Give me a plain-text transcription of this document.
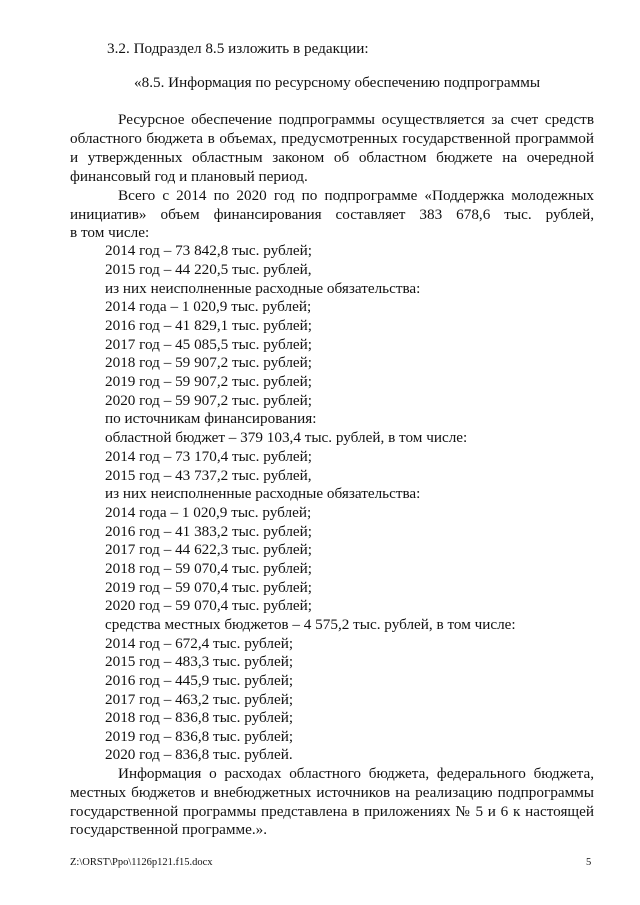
3.2. Подраздел 8.5 изложить в редакции:
«8.5. Информация по ресурсному обеспечению подпрограммы
Ресурсное обеспечение подпрограммы осуществляется за счет средств
областного бюджета в объемах, предусмотренных государственной программой
и утвержденных областным законом об областном бюджете на очередной
финансовый год и плановый период.
Всего с 2014 по 2020 год по подпрограмме «Поддержка молодежных
инициатив» объем финансирования составляет 383 678,6 тыс. рублей,
в том числе:
2014 год – 73 842,8 тыс. рублей;
2015 год – 44 220,5 тыс. рублей,
из них неисполненные расходные обязательства:
2014 года – 1 020,9 тыс. рублей;
2016 год – 41 829,1 тыс. рублей;
2017 год – 45 085,5 тыс. рублей;
2018 год – 59 907,2 тыс. рублей;
2019 год – 59 907,2 тыс. рублей;
2020 год – 59 907,2 тыс. рублей;
по источникам финансирования:
областной бюджет – 379 103,4 тыс. рублей, в том числе:
2014 год – 73 170,4 тыс. рублей;
2015 год – 43 737,2 тыс. рублей,
из них неисполненные расходные обязательства:
2014 года – 1 020,9 тыс. рублей;
2016 год – 41 383,2 тыс. рублей;
2017 год – 44 622,3 тыс. рублей;
2018 год – 59 070,4 тыс. рублей;
2019 год – 59 070,4 тыс. рублей;
2020 год – 59 070,4 тыс. рублей;
средства местных бюджетов – 4 575,2 тыс. рублей, в том числе:
2014 год – 672,4 тыс. рублей;
2015 год – 483,3 тыс. рублей;
2016 год – 445,9 тыс. рублей;
2017 год – 463,2 тыс. рублей;
2018 год – 836,8 тыс. рублей;
2019 год – 836,8 тыс. рублей;
2020 год – 836,8 тыс. рублей.
Информация о расходах областного бюджета, федерального бюджета,
местных бюджетов и внебюджетных источников на реализацию подпрограммы
государственной программы представлена в приложениях № 5 и 6 к настоящей
государственной программе.».
Z:\ORST\Ppo\1126p121.f15.docx	5
